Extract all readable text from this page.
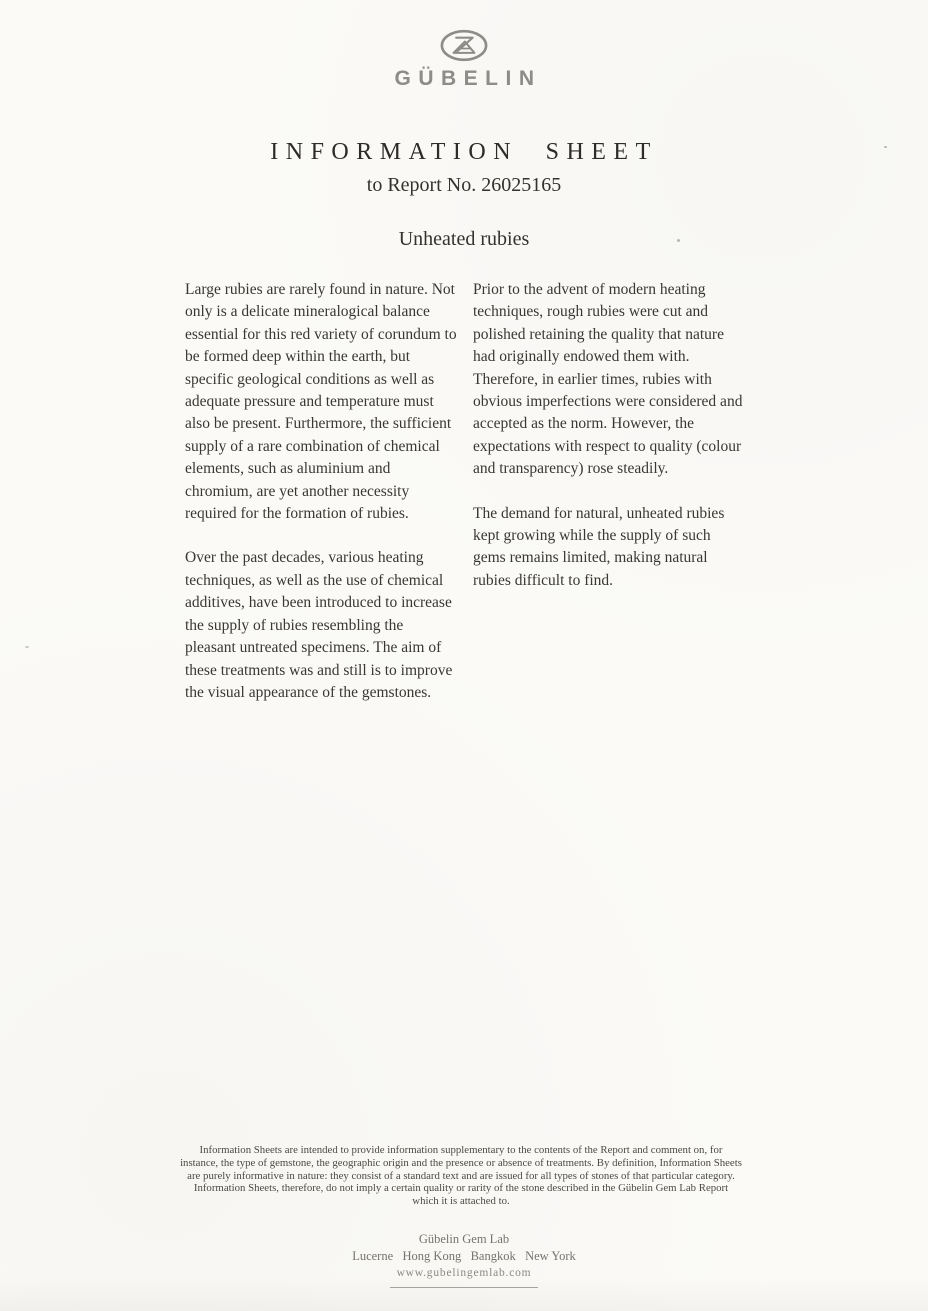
GÜBELIN
INFORMATION SHEET
to Report No. 26025165
Unheated rubies

Large rubies are rarely found in nature. Not only is a delicate mineralogical balance essential for this red variety of corundum to be formed deep within the earth, but specific geological conditions as well as adequate pressure and temperature must also be present. Furthermore, the sufficient supply of a rare combination of chemical elements, such as aluminium and chromium, are yet another necessity required for the formation of rubies.

Over the past decades, various heating techniques, as well as the use of chemical additives, have been introduced to increase the supply of rubies resembling the pleasant untreated specimens. The aim of these treatments was and still is to improve the visual appearance of the gemstones.

Prior to the advent of modern heating techniques, rough rubies were cut and polished retaining the quality that nature had originally endowed them with. Therefore, in earlier times, rubies with obvious imperfections were considered and accepted as the norm. However, the expectations with respect to quality (colour and transparency) rose steadily.

The demand for natural, unheated rubies kept growing while the supply of such gems remains limited, making natural rubies difficult to find.

Information Sheets are intended to provide information supplementary to the contents of the Report and comment on, for instance, the type of gemstone, the geographic origin and the presence or absence of treatments. By definition, Information Sheets are purely informative in nature: they consist of a standard text and are issued for all types of stones of that particular category. Information Sheets, therefore, do not imply a certain quality or rarity of the stone described in the Gübelin Gem Lab Report which it is attached to.
Gübelin Gem Lab
Lucerne   Hong Kong   Bangkok   New York
www.gubelingemlab.com
